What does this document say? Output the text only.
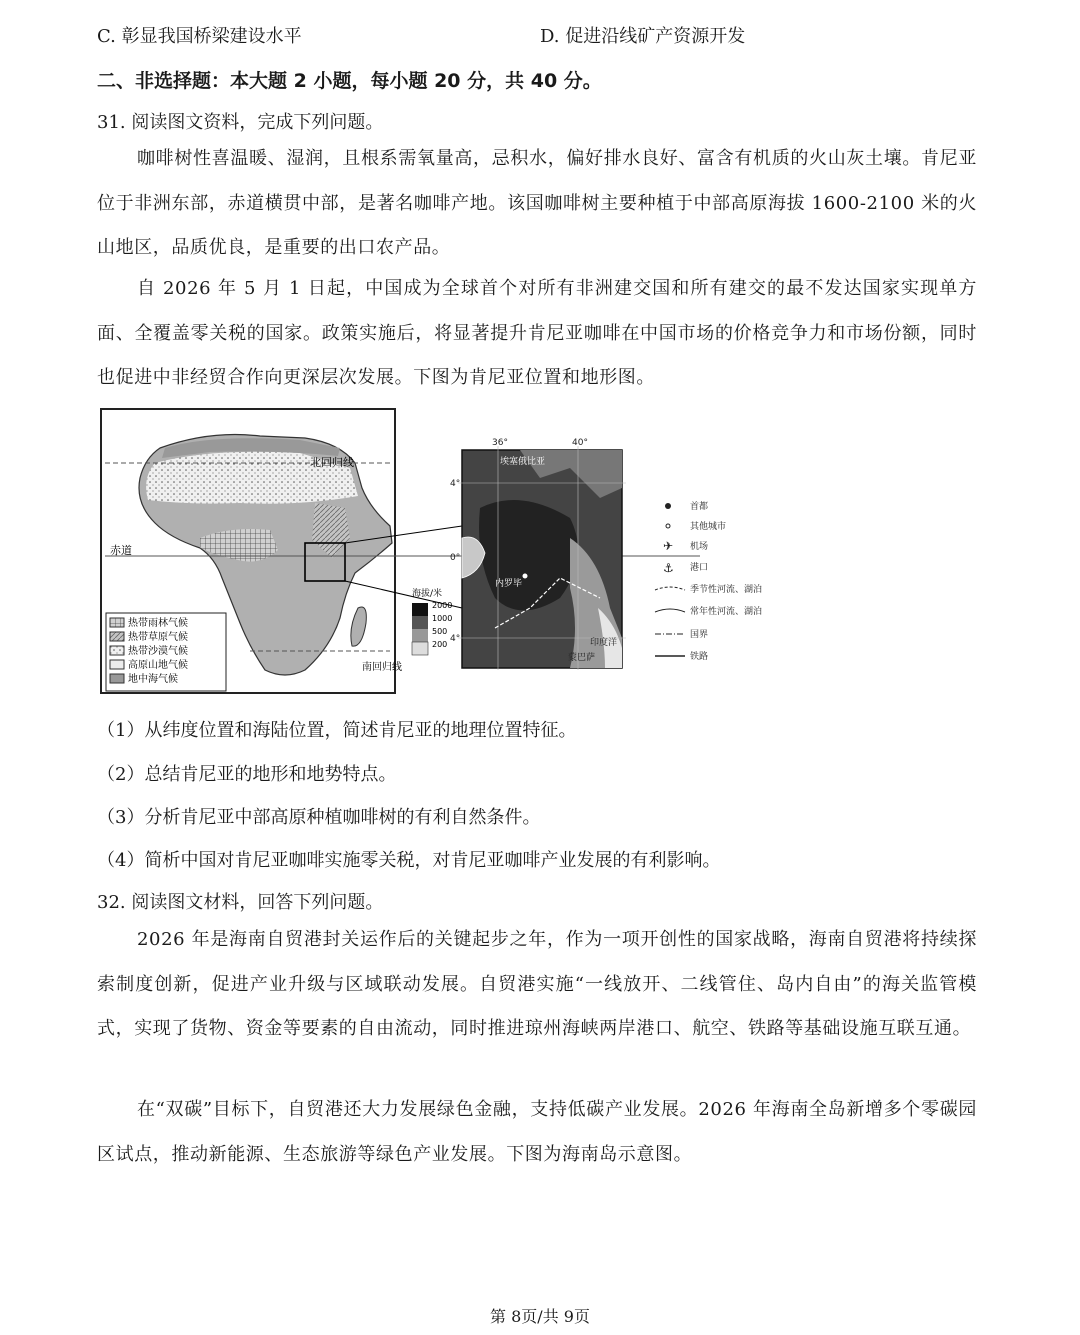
C. 彰显我国桥梁建设水平	D. 促进沿线矿产资源开发
二、非选择题：本大题 2 小题，每小题 20 分，共 40 分。
31. 阅读图文资料，完成下列问题。
咖啡树性喜温暖、湿润，且根系需氧量高，忌积水，偏好排水良好、富含有机质的火山灰土壤。肯尼亚位于非洲东部，赤道横贯中部，是著名咖啡产地。该国咖啡树主要种植于中部高原海拔 1600-2100 米的火山地区，品质优良，是重要的出口农产品。
自 2026 年 5 月 1 日起，中国成为全球首个对所有非洲建交国和所有建交的最不发达国家实现单方面、全覆盖零关税的国家。政策实施后，将显著提升肯尼亚咖啡在中国市场的价格竞争力和市场份额，同时也促进中非经贸合作向更深层次发展。下图为肯尼亚位置和地形图。
北回归线
赤道
南回归线
热带雨林气候
热带草原气候
热带沙漠气候
高原山地气候
地中海气候
36°	40°
4°
0°
4°
埃塞俄比亚
内罗毕
印度洋
蒙巴萨
海拔/米
2000
1000
500
200
首都
其他城市
✈ 机场
⚓ 港口
季节性河流、湖泊
常年性河流、湖泊
国界
铁路
（1）从纬度位置和海陆位置，简述肯尼亚的地理位置特征。
（2）总结肯尼亚的地形和地势特点。
（3）分析肯尼亚中部高原种植咖啡树的有利自然条件。
（4）简析中国对肯尼亚咖啡实施零关税，对肯尼亚咖啡产业发展的有利影响。
32. 阅读图文材料，回答下列问题。
2026 年是海南自贸港封关运作后的关键起步之年，作为一项开创性的国家战略，海南自贸港将持续探索制度创新，促进产业升级与区域联动发展。自贸港实施“一线放开、二线管住、岛内自由”的海关监管模式，实现了货物、资金等要素的自由流动，同时推进琼州海峡两岸港口、航空、铁路等基础设施互联互通。
在“双碳”目标下，自贸港还大力发展绿色金融，支持低碳产业发展。2026 年海南全岛新增多个零碳园区试点，推动新能源、生态旅游等绿色产业发展。下图为海南岛示意图。
第 8页/共 9页
